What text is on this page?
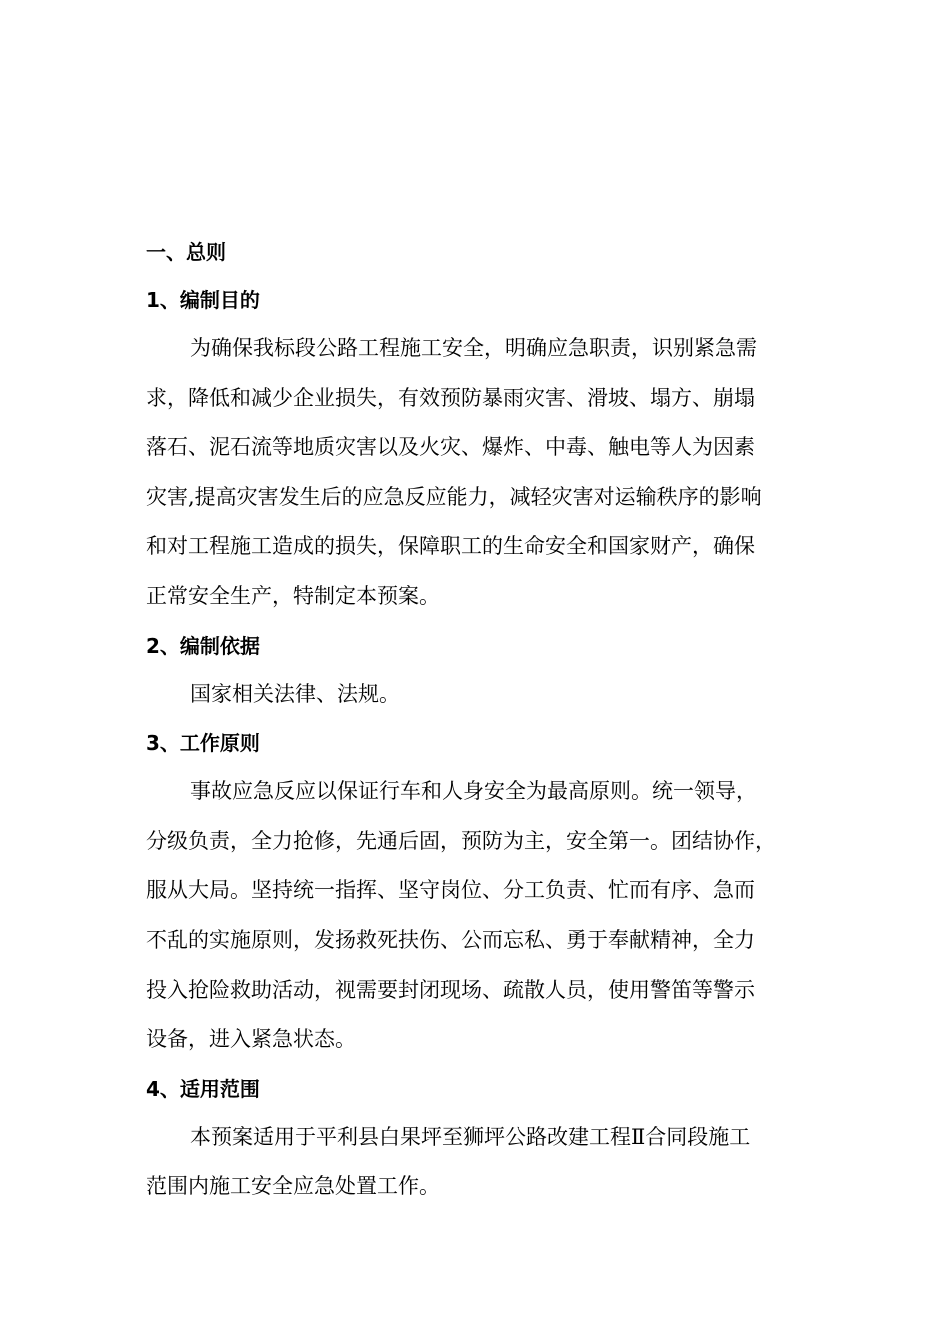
一、总则
1、编制目的

为确保我标段公路工程施工安全，明确应急职责，识别紧急需
求，降低和减少企业损失，有效预防暴雨灾害、滑坡、塌方、崩塌
落石、泥石流等地质灾害以及火灾、爆炸、中毒、触电等人为因素
灾害,提高灾害发生后的应急反应能力，减轻灾害对运输秩序的影响
和对工程施工造成的损失，保障职工的生命安全和国家财产，确保
正常安全生产，特制定本预案。

2、编制依据

国家相关法律、法规。

3、工作原则

事故应急反应以保证行车和人身安全为最高原则。统一领导，
分级负责，全力抢修，先通后固，预防为主，安全第一。团结协作，
服从大局。坚持统一指挥、坚守岗位、分工负责、忙而有序、急而
不乱的实施原则，发扬救死扶伤、公而忘私、勇于奉献精神，全力
投入抢险救助活动，视需要封闭现场、疏散人员，使用警笛等警示
设备，进入紧急状态。

4、适用范围

本预案适用于平利县白果坪至狮坪公路改建工程Ⅱ合同段施工
范围内施工安全应急处置工作。
